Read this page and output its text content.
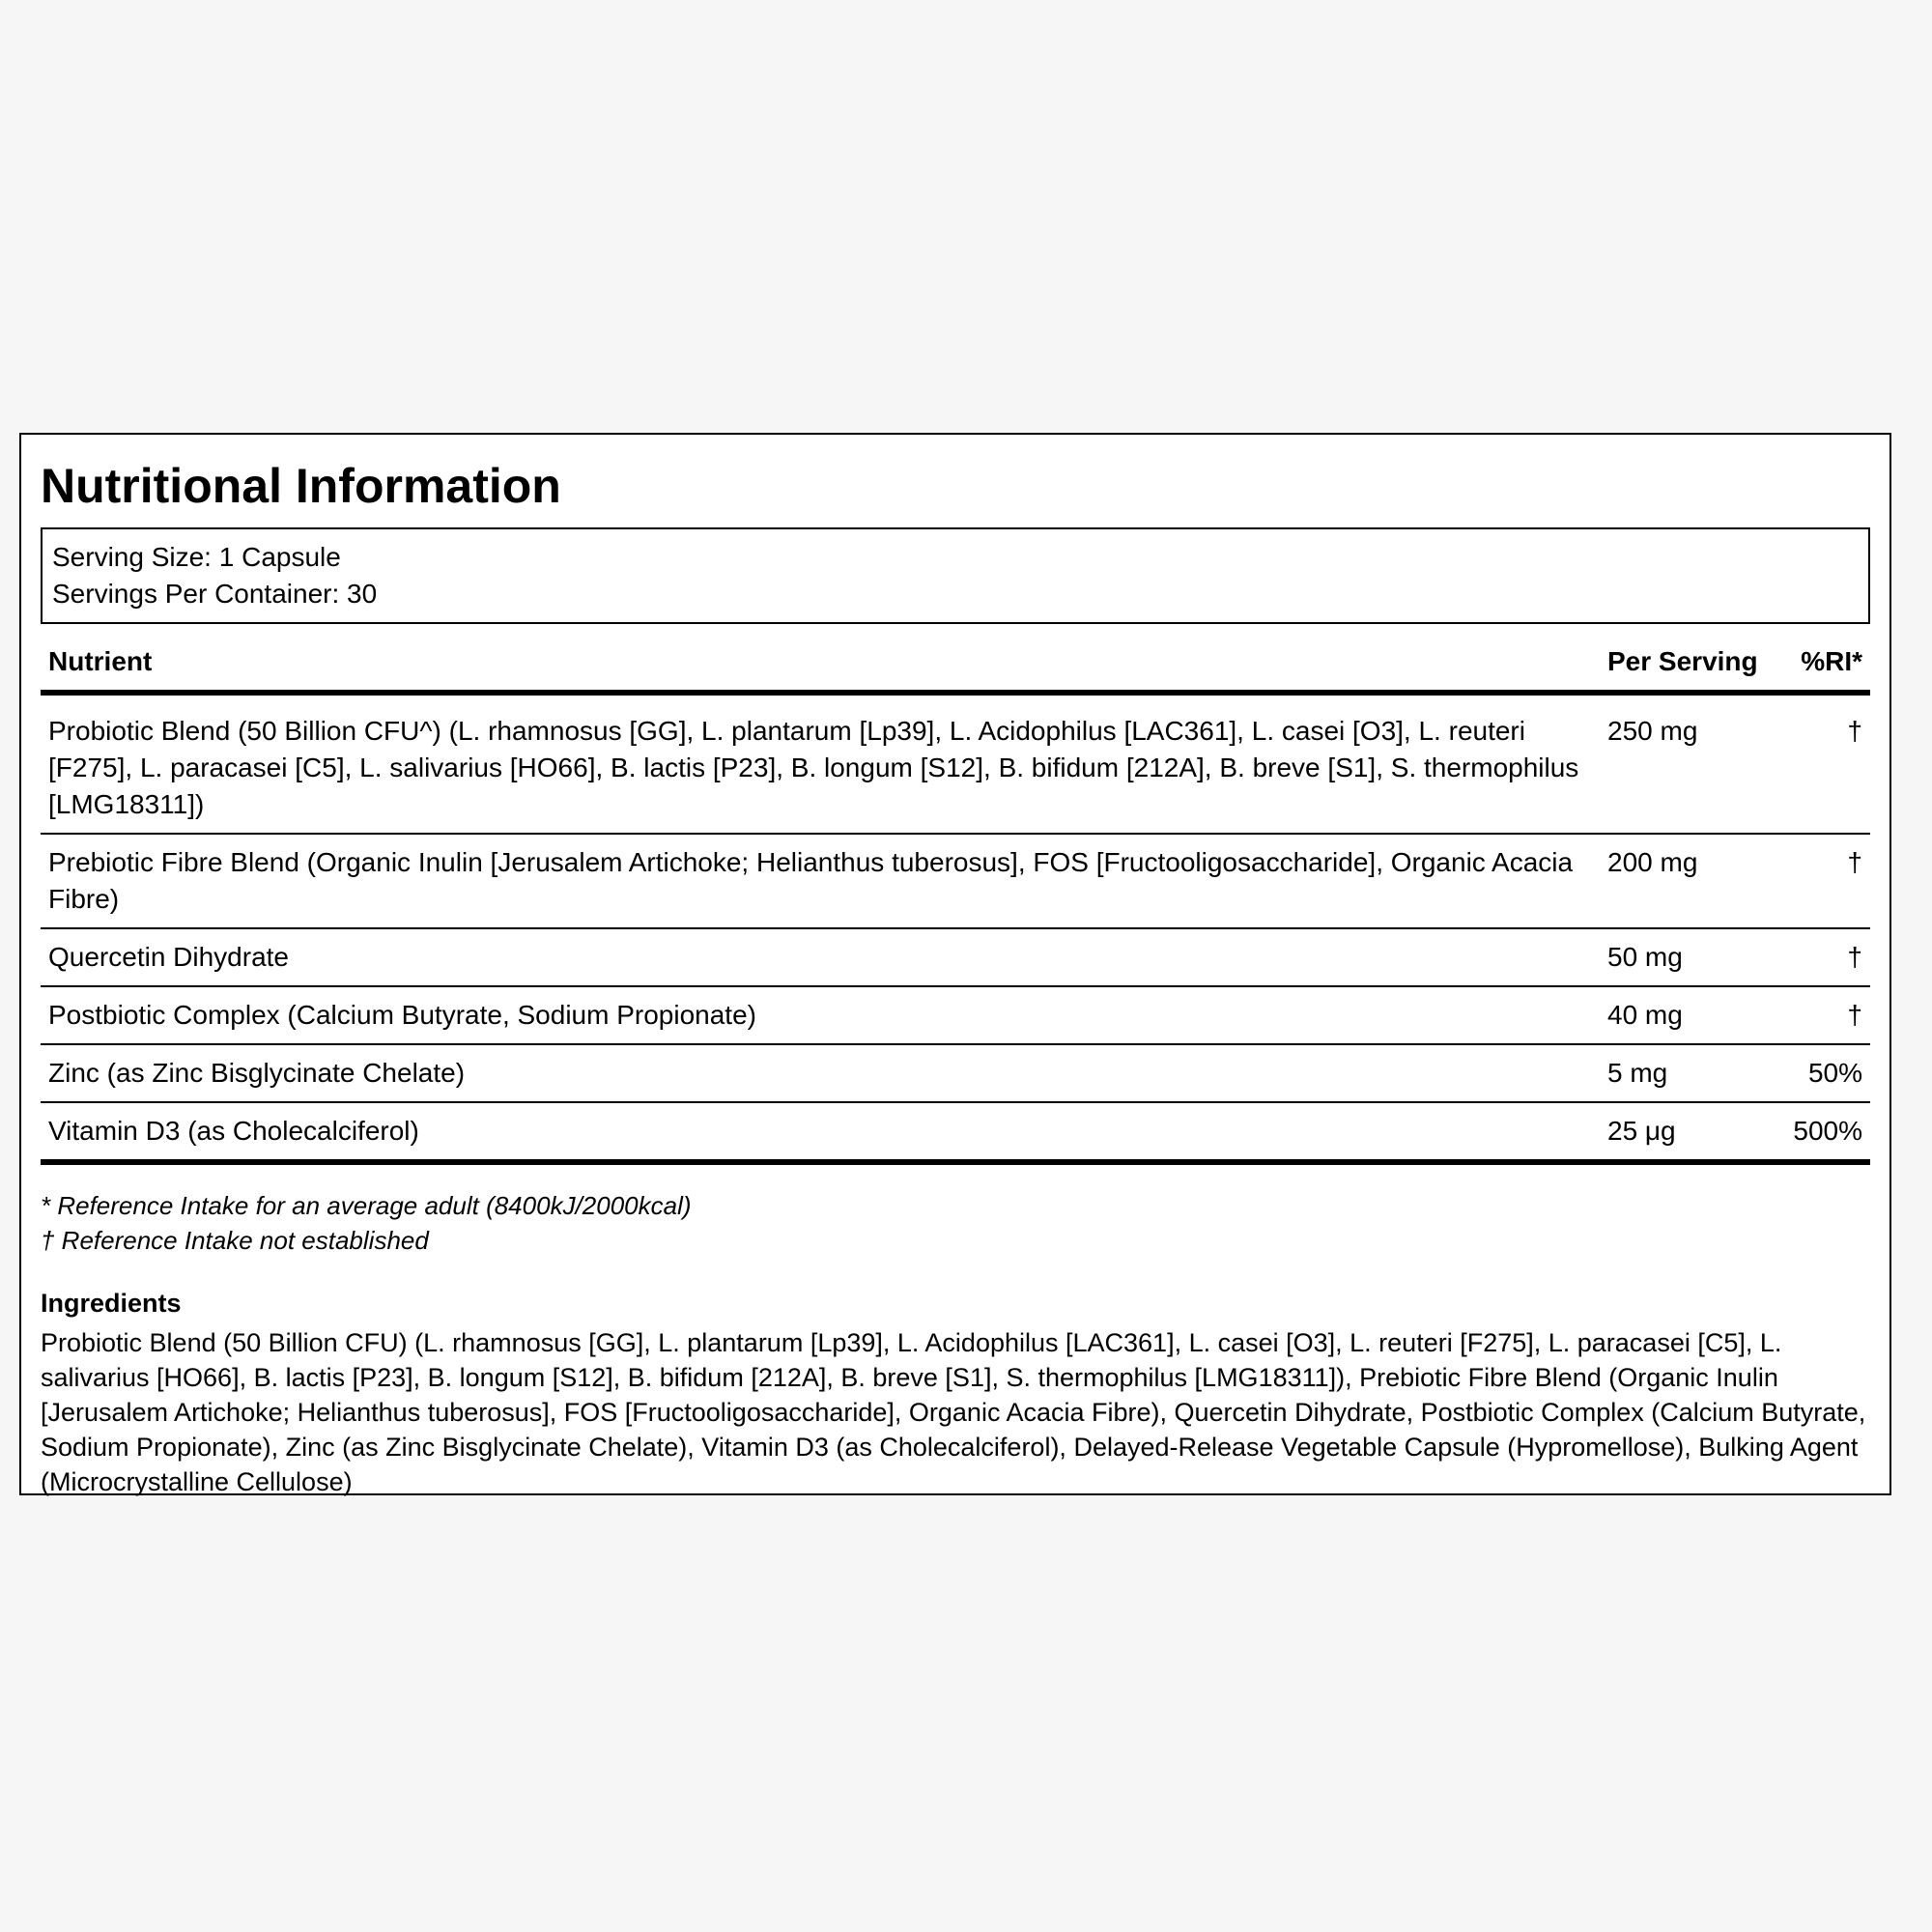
Nutritional Information
Serving Size: 1 Capsule
Servings Per Container: 30
Nutrient	Per Serving	%RI*
Probiotic Blend (50 Billion CFU^) (L. rhamnosus [GG], L. plantarum [Lp39], L. Acidophilus [LAC361], L. casei [O3], L. reuteri [F275], L. paracasei [C5], L. salivarius [HO66], B. lactis [P23], B. longum [S12], B. bifidum [212A], B. breve [S1], S. thermophilus [LMG18311])	250 mg	†
Prebiotic Fibre Blend (Organic Inulin [Jerusalem Artichoke; Helianthus tuberosus], FOS [Fructooligosaccharide], Organic Acacia Fibre)	200 mg	†
Quercetin Dihydrate	50 mg	†
Postbiotic Complex (Calcium Butyrate, Sodium Propionate)	40 mg	†
Zinc (as Zinc Bisglycinate Chelate)	5 mg	50%
Vitamin D3 (as Cholecalciferol)	25 μg	500%
* Reference Intake for an average adult (8400kJ/2000kcal)
† Reference Intake not established
Ingredients
Probiotic Blend (50 Billion CFU) (L. rhamnosus [GG], L. plantarum [Lp39], L. Acidophilus [LAC361], L. casei [O3], L. reuteri [F275], L. paracasei [C5], L. salivarius [HO66], B. lactis [P23], B. longum [S12], B. bifidum [212A], B. breve [S1], S. thermophilus [LMG18311]), Prebiotic Fibre Blend (Organic Inulin [Jerusalem Artichoke; Helianthus tuberosus], FOS [Fructooligosaccharide], Organic Acacia Fibre), Quercetin Dihydrate, Postbiotic Complex (Calcium Butyrate, Sodium Propionate), Zinc (as Zinc Bisglycinate Chelate), Vitamin D3 (as Cholecalciferol), Delayed-Release Vegetable Capsule (Hypromellose), Bulking Agent (Microcrystalline Cellulose)
